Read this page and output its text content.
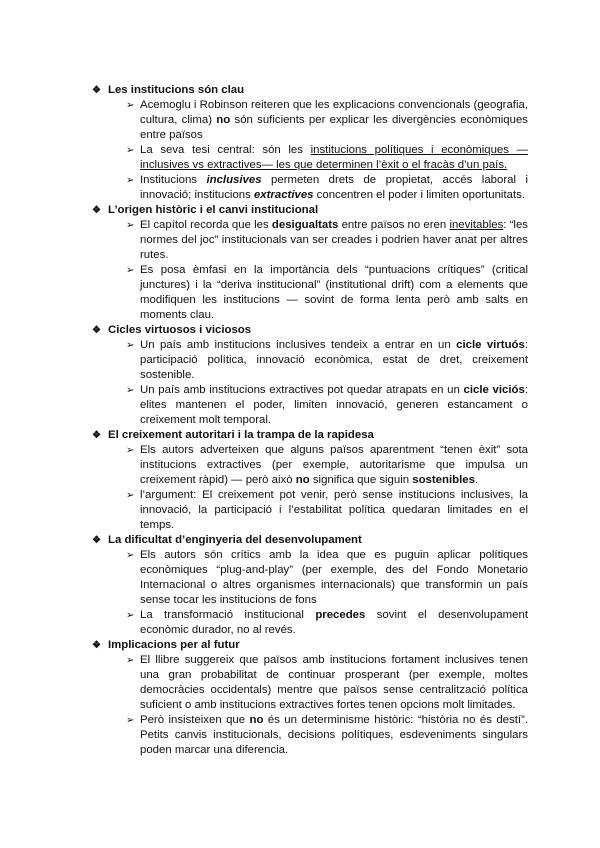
❖ Les institucions són clau
➢ Acemoglu i Robinson reiteren que les explicacions convencionals (geografia, cultura, clima) no són suficients per explicar les divergències econòmiques entre països
➢ La seva tesi central: són les institucions polítiques i econòmiques —inclusives vs extractives— les que determinen l’èxit o el fracàs d’un país.
➢ Institucions inclusives permeten drets de propietat, accés laboral i innovació; institucions extractives concentren el poder i limiten oportunitats.
❖ L’origen històric i el canvi institucional
➢ El capítol recorda que les desigualtats entre països no eren inevitables: “les normes del joc” institucionals van ser creades i podrien haver anat per altres rutes.
➢ Es posa èmfasi en la importància dels “puntuacions crítiques” (critical junctures) i la “deriva institucional” (institutional drift) com a elements que modifiquen les institucions — sovint de forma lenta però amb salts en moments clau.
❖ Cicles virtuosos i viciosos
➢ Un país amb institucions inclusives tendeix a entrar en un cicle virtuós: participació política, innovació econòmica, estat de dret, creixement sostenible.
➢ Un país amb institucions extractives pot quedar atrapats en un cicle viciós: elites mantenen el poder, limiten innovació, generen estancament o creixement molt temporal.
❖ El creixement autoritari i la trampa de la rapidesa
➢ Els autors adverteixen que alguns països aparentment “tenen èxit” sota institucions extractives (per exemple, autoritarisme que impulsa un creixement ràpid) — però això no significa que siguin sostenibles.
➢ l’argument: El creixement pot venir, però sense institucions inclusives, la innovació, la participació i l’estabilitat política quedaran limitades en el temps.
❖ La dificultat d’enginyeria del desenvolupament
➢ Els autors són crítics amb la idea que es puguin aplicar polítiques econòmiques “plug-and-play” (per exemple, des del Fondo Monetario Internacional o altres organismes internacionals) que transformin un país sense tocar les institucions de fons
➢ La transformació institucional precedes sovint el desenvolupament econòmic durador, no al revés.
❖ Implicacions per al futur
➢ El llibre suggereix que països amb institucions fortament inclusives tenen una gran probabilitat de continuar prosperant (per exemple, moltes democràcies occidentals) mentre que països sense centralització política suficient o amb institucions extractives fortes tenen opcions molt limitades.
➢ Però insisteixen que no és un determinisme històric: “història no és destí”. Petits canvis institucionals, decisions polítiques, esdeveniments singulars poden marcar una diferencia.
